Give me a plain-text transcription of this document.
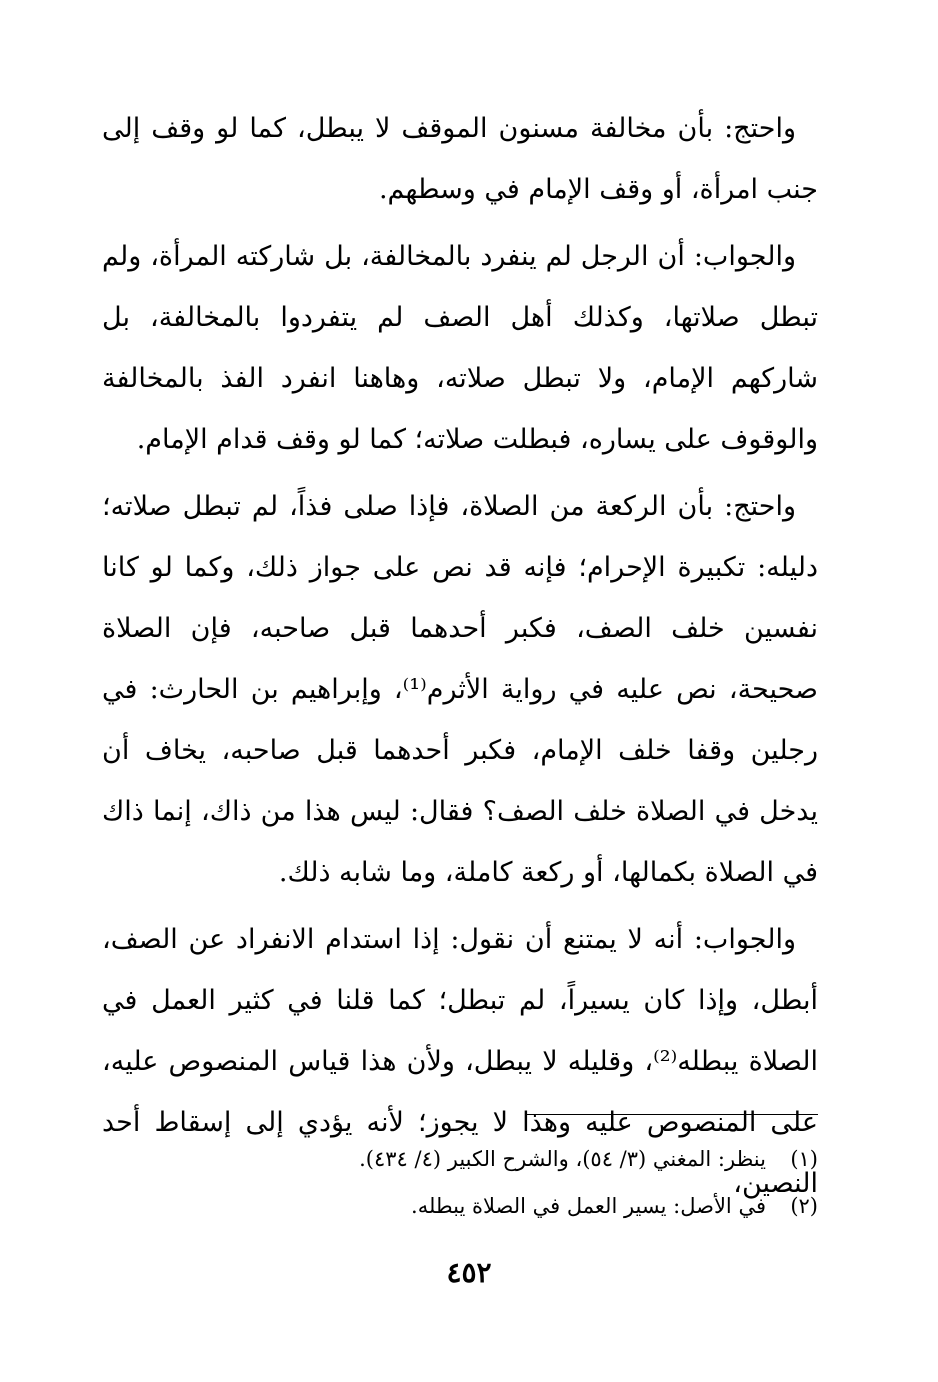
واحتج: بأن مخالفة مسنون الموقف لا يبطل، كما لو وقف إلى جنب امرأة، أو وقف الإمام في وسطهم.

والجواب: أن الرجل لم ينفرد بالمخالفة، بل شاركته المرأة، ولم تبطل صلاتها، وكذلك أهل الصف لم يتفردوا بالمخالفة، بل شاركهم الإمام، ولا تبطل صلاته، وهاهنا انفرد الفذ بالمخالفة والوقوف على يساره، فبطلت صلاته؛ كما لو وقف قدام الإمام.

واحتج: بأن الركعة من الصلاة، فإذا صلى فذاً، لم تبطل صلاته؛ دليله: تكبيرة الإحرام؛ فإنه قد نص على جواز ذلك، وكما لو كانا نفسين خلف الصف، فكبر أحدهما قبل صاحبه، فإن الصلاة صحيحة، نص عليه في رواية الأثرم⁽¹⁾، وإبراهيم بن الحارث: في رجلين وقفا خلف الإمام، فكبر أحدهما قبل صاحبه، يخاف أن يدخل في الصلاة خلف الصف؟ فقال: ليس هذا من ذاك، إنما ذاك في الصلاة بكمالها، أو ركعة كاملة، وما شابه ذلك.

والجواب: أنه لا يمتنع أن نقول: إذا استدام الانفراد عن الصف، أبطل، وإذا كان يسيراً، لم تبطل؛ كما قلنا في كثير العمل في الصلاة يبطله⁽²⁾، وقليله لا يبطل، ولأن هذا قياس المنصوص عليه، على المنصوص عليه وهذا لا يجوز؛ لأنه يؤدي إلى إسقاط أحد النصين،

(١)
ينظر: المغني (٣/ ٥٤)، والشرح الكبير (٤/ ٤٣٤).
(٢)
في الأصل: يسير العمل في الصلاة يبطله.
٤٥٢
